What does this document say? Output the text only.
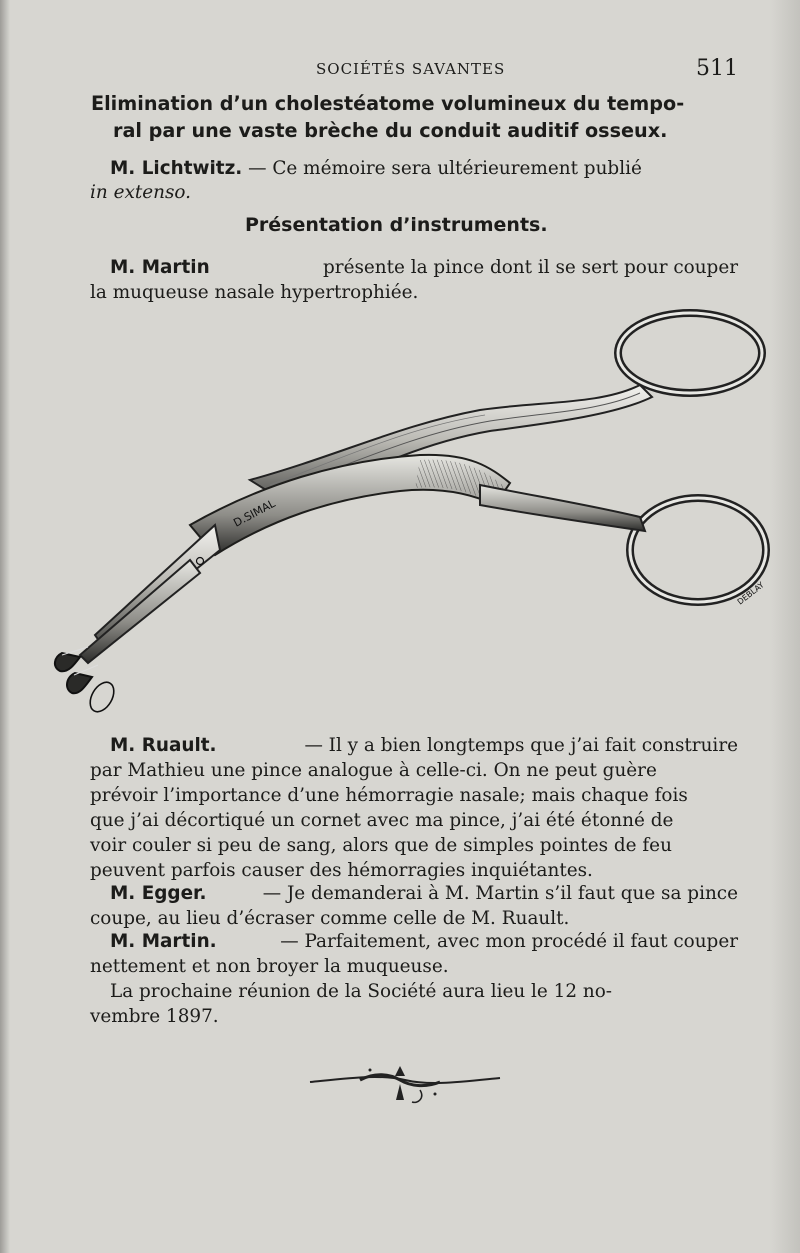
SOCIÉTÉS SAVANTES	511
Elimination d’un cholestéatome volumineux du tempo-
ral par une vaste brèche du conduit auditif osseux.
M. Lichtwitz. — Ce mémoire sera ultérieurement publié
in extenso.
Présentation d’instruments.
M. Martin	présente la pince dont il se sert pour couper
la muqueuse nasale hypertrophiée.
D.SIMAL
DEBLAY
M. Ruault.	— Il y a bien longtemps que j’ai fait construire
par Mathieu une pince analogue à celle-ci. On ne peut guère
prévoir l’importance d’une hémorragie nasale; mais chaque fois
que j’ai décortiqué un cornet avec ma pince, j’ai été étonné de
voir couler si peu de sang, alors que de simples pointes de feu
peuvent parfois causer des hémorragies inquiétantes.
M. Egger.	— Je demanderai à M. Martin s’il faut que sa pince
coupe, au lieu d’écraser comme celle de M. Ruault.
M. Martin.	— Parfaitement, avec mon procédé il faut couper
nettement et non broyer la muqueuse.
La prochaine réunion de la Société aura lieu le 12 no-
vembre 1897.
